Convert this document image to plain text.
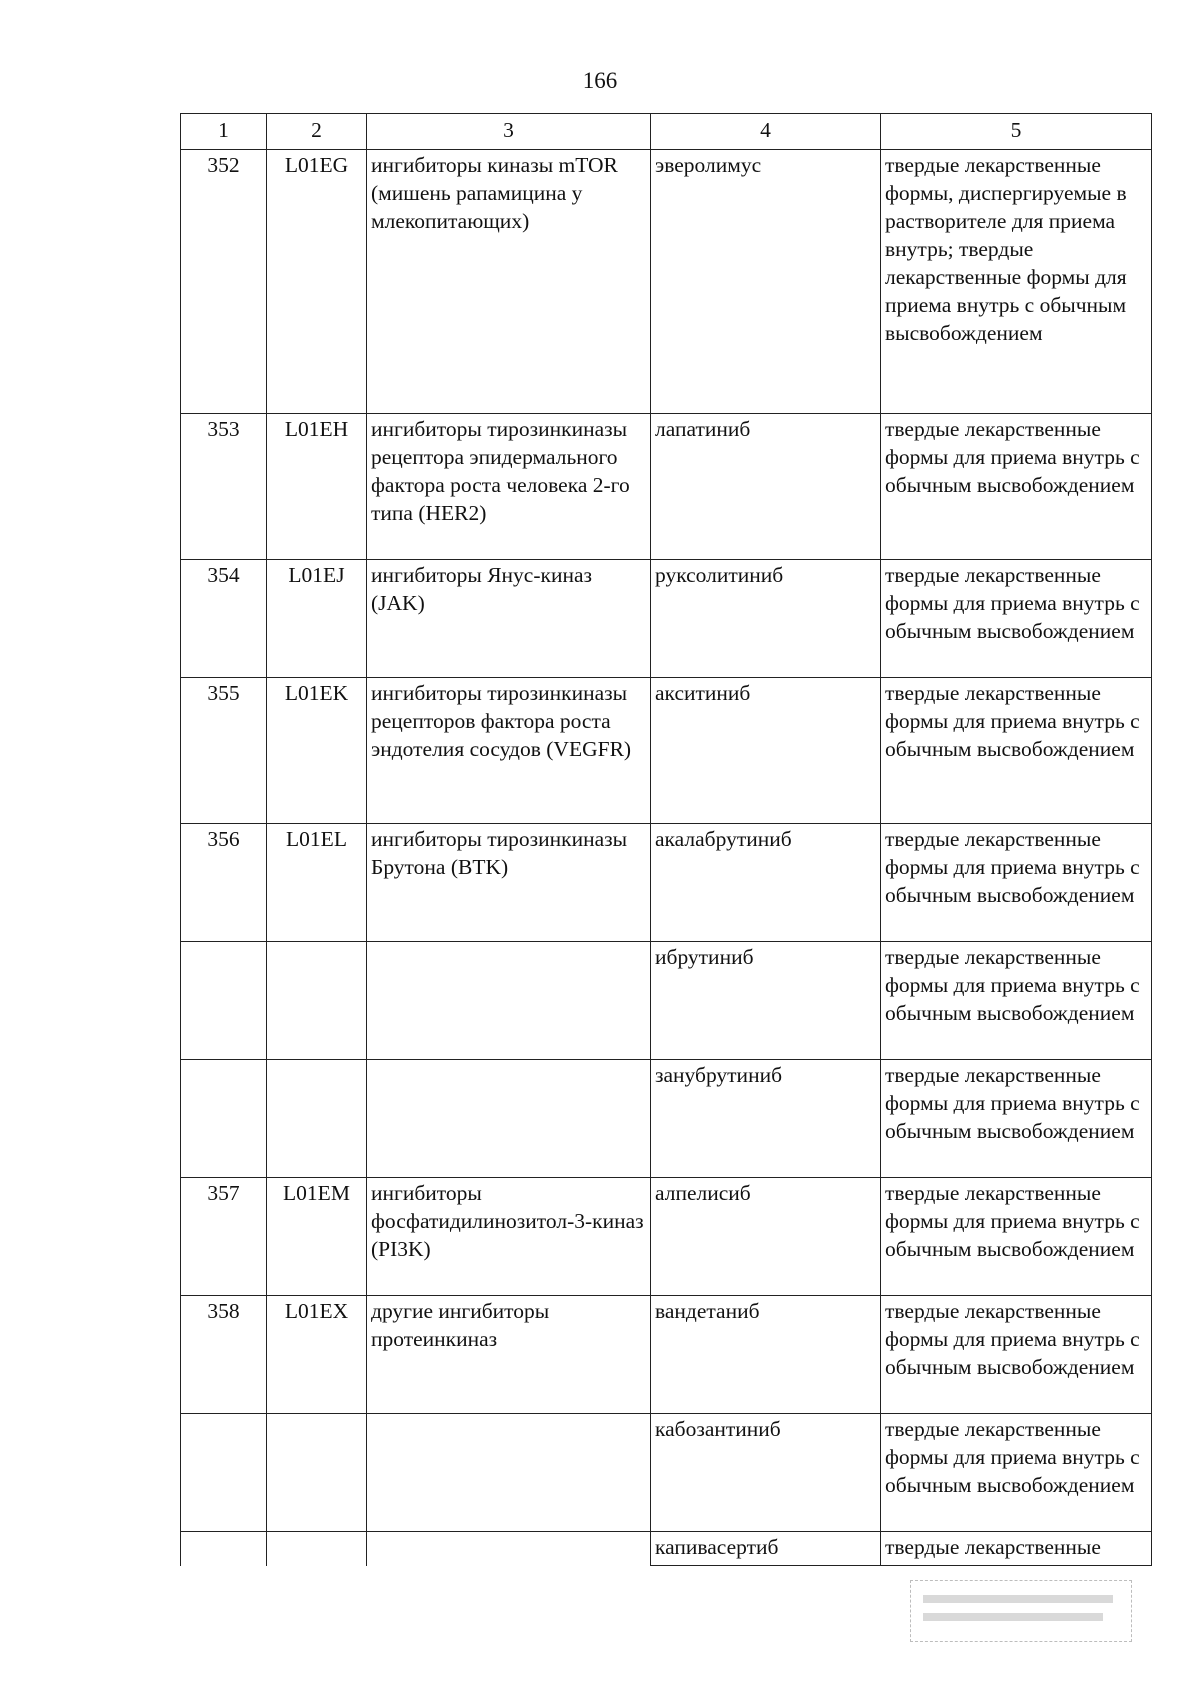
166
1	2	3	4	5
352	L01EG	ингибиторы киназы mTOR (мишень рапамицина у млекопитающих)	эверолимус	твердые лекарственные формы, диспергируемые в растворителе для приема внутрь; твердые лекарственные формы для приема внутрь с обычным высвобождением
353	L01EH	ингибиторы тирозинкиназы рецептора эпидермального фактора роста человека 2-го типа (HER2)	лапатиниб	твердые лекарственные формы для приема внутрь с обычным высвобождением
354	L01EJ	ингибиторы Янус-киназ (JAK)	руксолитиниб	твердые лекарственные формы для приема внутрь с обычным высвобождением
355	L01EK	ингибиторы тирозинкиназы рецепторов фактора роста эндотелия сосудов (VEGFR)	акситиниб	твердые лекарственные формы для приема внутрь с обычным высвобождением
356	L01EL	ингибиторы тирозинкиназы Брутона (BTK)	акалабрутиниб	твердые лекарственные формы для приема внутрь с обычным высвобождением
			ибрутиниб	твердые лекарственные формы для приема внутрь с обычным высвобождением
			занубрутиниб	твердые лекарственные формы для приема внутрь с обычным высвобождением
357	L01EM	ингибиторы фосфатидилинозитол-3-киназ (PI3K)	алпелисиб	твердые лекарственные формы для приема внутрь с обычным высвобождением
358	L01EX	другие ингибиторы протеинкиназ	вандетаниб	твердые лекарственные формы для приема внутрь с обычным высвобождением
			кабозантиниб	твердые лекарственные формы для приема внутрь с обычным высвобождением
			капивасертиб	твердые лекарственные
